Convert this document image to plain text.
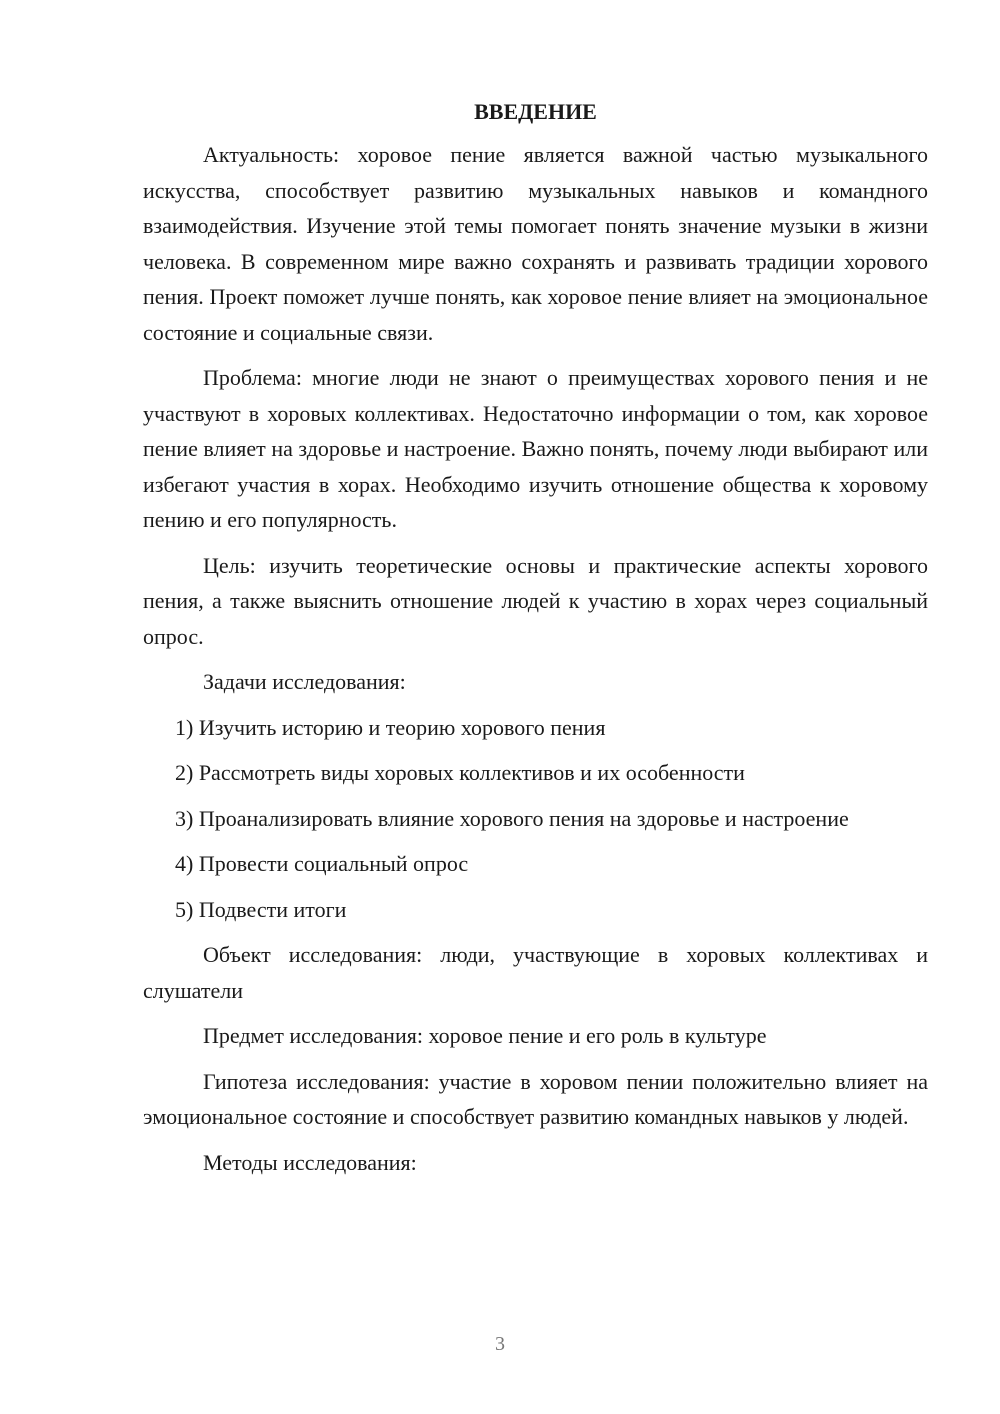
ВВЕДЕНИЕ

Актуальность: хоровое пение является важной частью музыкального искусства, способствует развитию музыкальных навыков и командного взаимодействия. Изучение этой темы помогает понять значение музыки в жизни человека. В современном мире важно сохранять и развивать традиции хорового пения. Проект поможет лучше понять, как хоровое пение влияет на эмоциональное состояние и социальные связи.

Проблема: многие люди не знают о преимуществах хорового пения и не участвуют в хоровых коллективах. Недостаточно информации о том, как хоровое пение влияет на здоровье и настроение. Важно понять, почему люди выбирают или избегают участия в хорах. Необходимо изучить отношение общества к хоровому пению и его популярность.

Цель: изучить теоретические основы и практические аспекты хорового пения, а также выяснить отношение людей к участию в хорах через социальный опрос.

Задачи исследования:

1) Изучить историю и теорию хорового пения

2) Рассмотреть виды хоровых коллективов и их особенности

3) Проанализировать влияние хорового пения на здоровье и настроение

4) Провести социальный опрос

5) Подвести итоги

Объект исследования: люди, участвующие в хоровых коллективах и слушатели

Предмет исследования: хоровое пение и его роль в культуре

Гипотеза исследования: участие в хоровом пении положительно влияет на эмоциональное состояние и способствует развитию командных навыков у людей.

Методы исследования:

3
